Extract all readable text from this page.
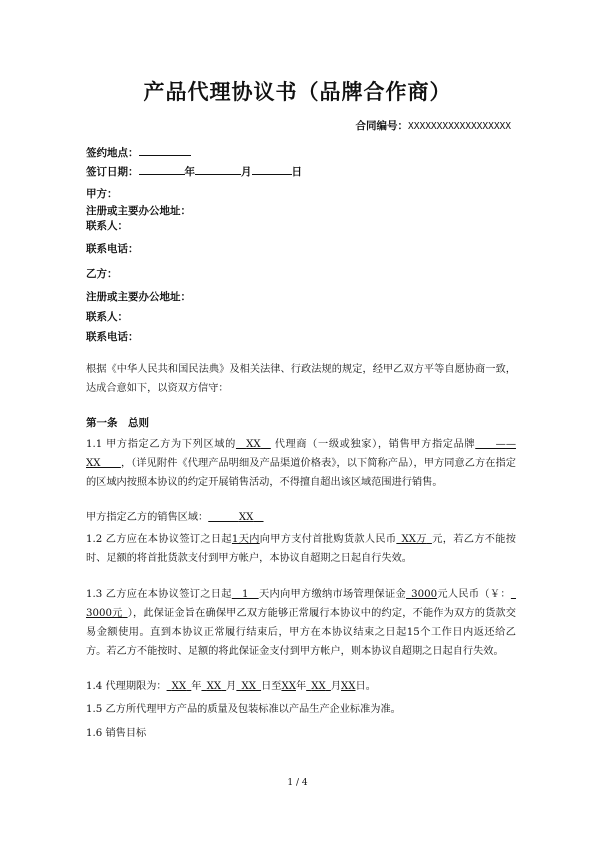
产品代理协议书（品牌合作商）
合同编号：XXXXXXXXXXXXXXXXXX
签约地点：
签订日期：	年	月	日
甲方：
注册或主要办公地址：
联系人：
联系电话：
乙方：
注册或主要办公地址：
联系人：
联系电话：

根据《中华人民共和国民法典》及相关法律、行政法规的规定，经甲乙双方平等自愿协商一致，达成合意如下，以资双方信守：

第一条　总则

1.1 甲方指定乙方为下列区域的  XX  代理商（一级或独家），销售甲方指定品牌  ——XX   ，（详见附件《代理产品明细及产品渠道价格表》，以下简称产品），甲方同意乙方在指定的区域内按照本协议的约定开展销售活动，不得擅自超出该区域范围进行销售。

甲方指定乙方的销售区域：   	XX 

1.2 乙方应在本协议签订之日起1天内向甲方支付首批购货款人民币  XX万  元，若乙方不能按时、足额的将首批货款支付到甲方帐户，本协议自超期之日起自行失效。

1.3 乙方应在本协议签订之日起  1  天内向甲方缴纳市场管理保证金  3000元人民币（￥： 3000元  ），此保证金旨在确保甲乙双方能够正常履行本协议中的约定，不能作为双方的货款交易金额使用。直到本协议正常履行结束后，甲方在本协议结束之日起15个工作日内返还给乙方。若乙方不能按时、足额的将此保证金支付到甲方帐户，则本协议自超期之日起自行失效。

1.4 代理期限为：  XX  年  XX  月  XX  日至XX年  XX  月XX日。

1.5 乙方所代理甲方产品的质量及包装标准以产品生产企业标准为准。
1.6 销售目标
1 / 4
